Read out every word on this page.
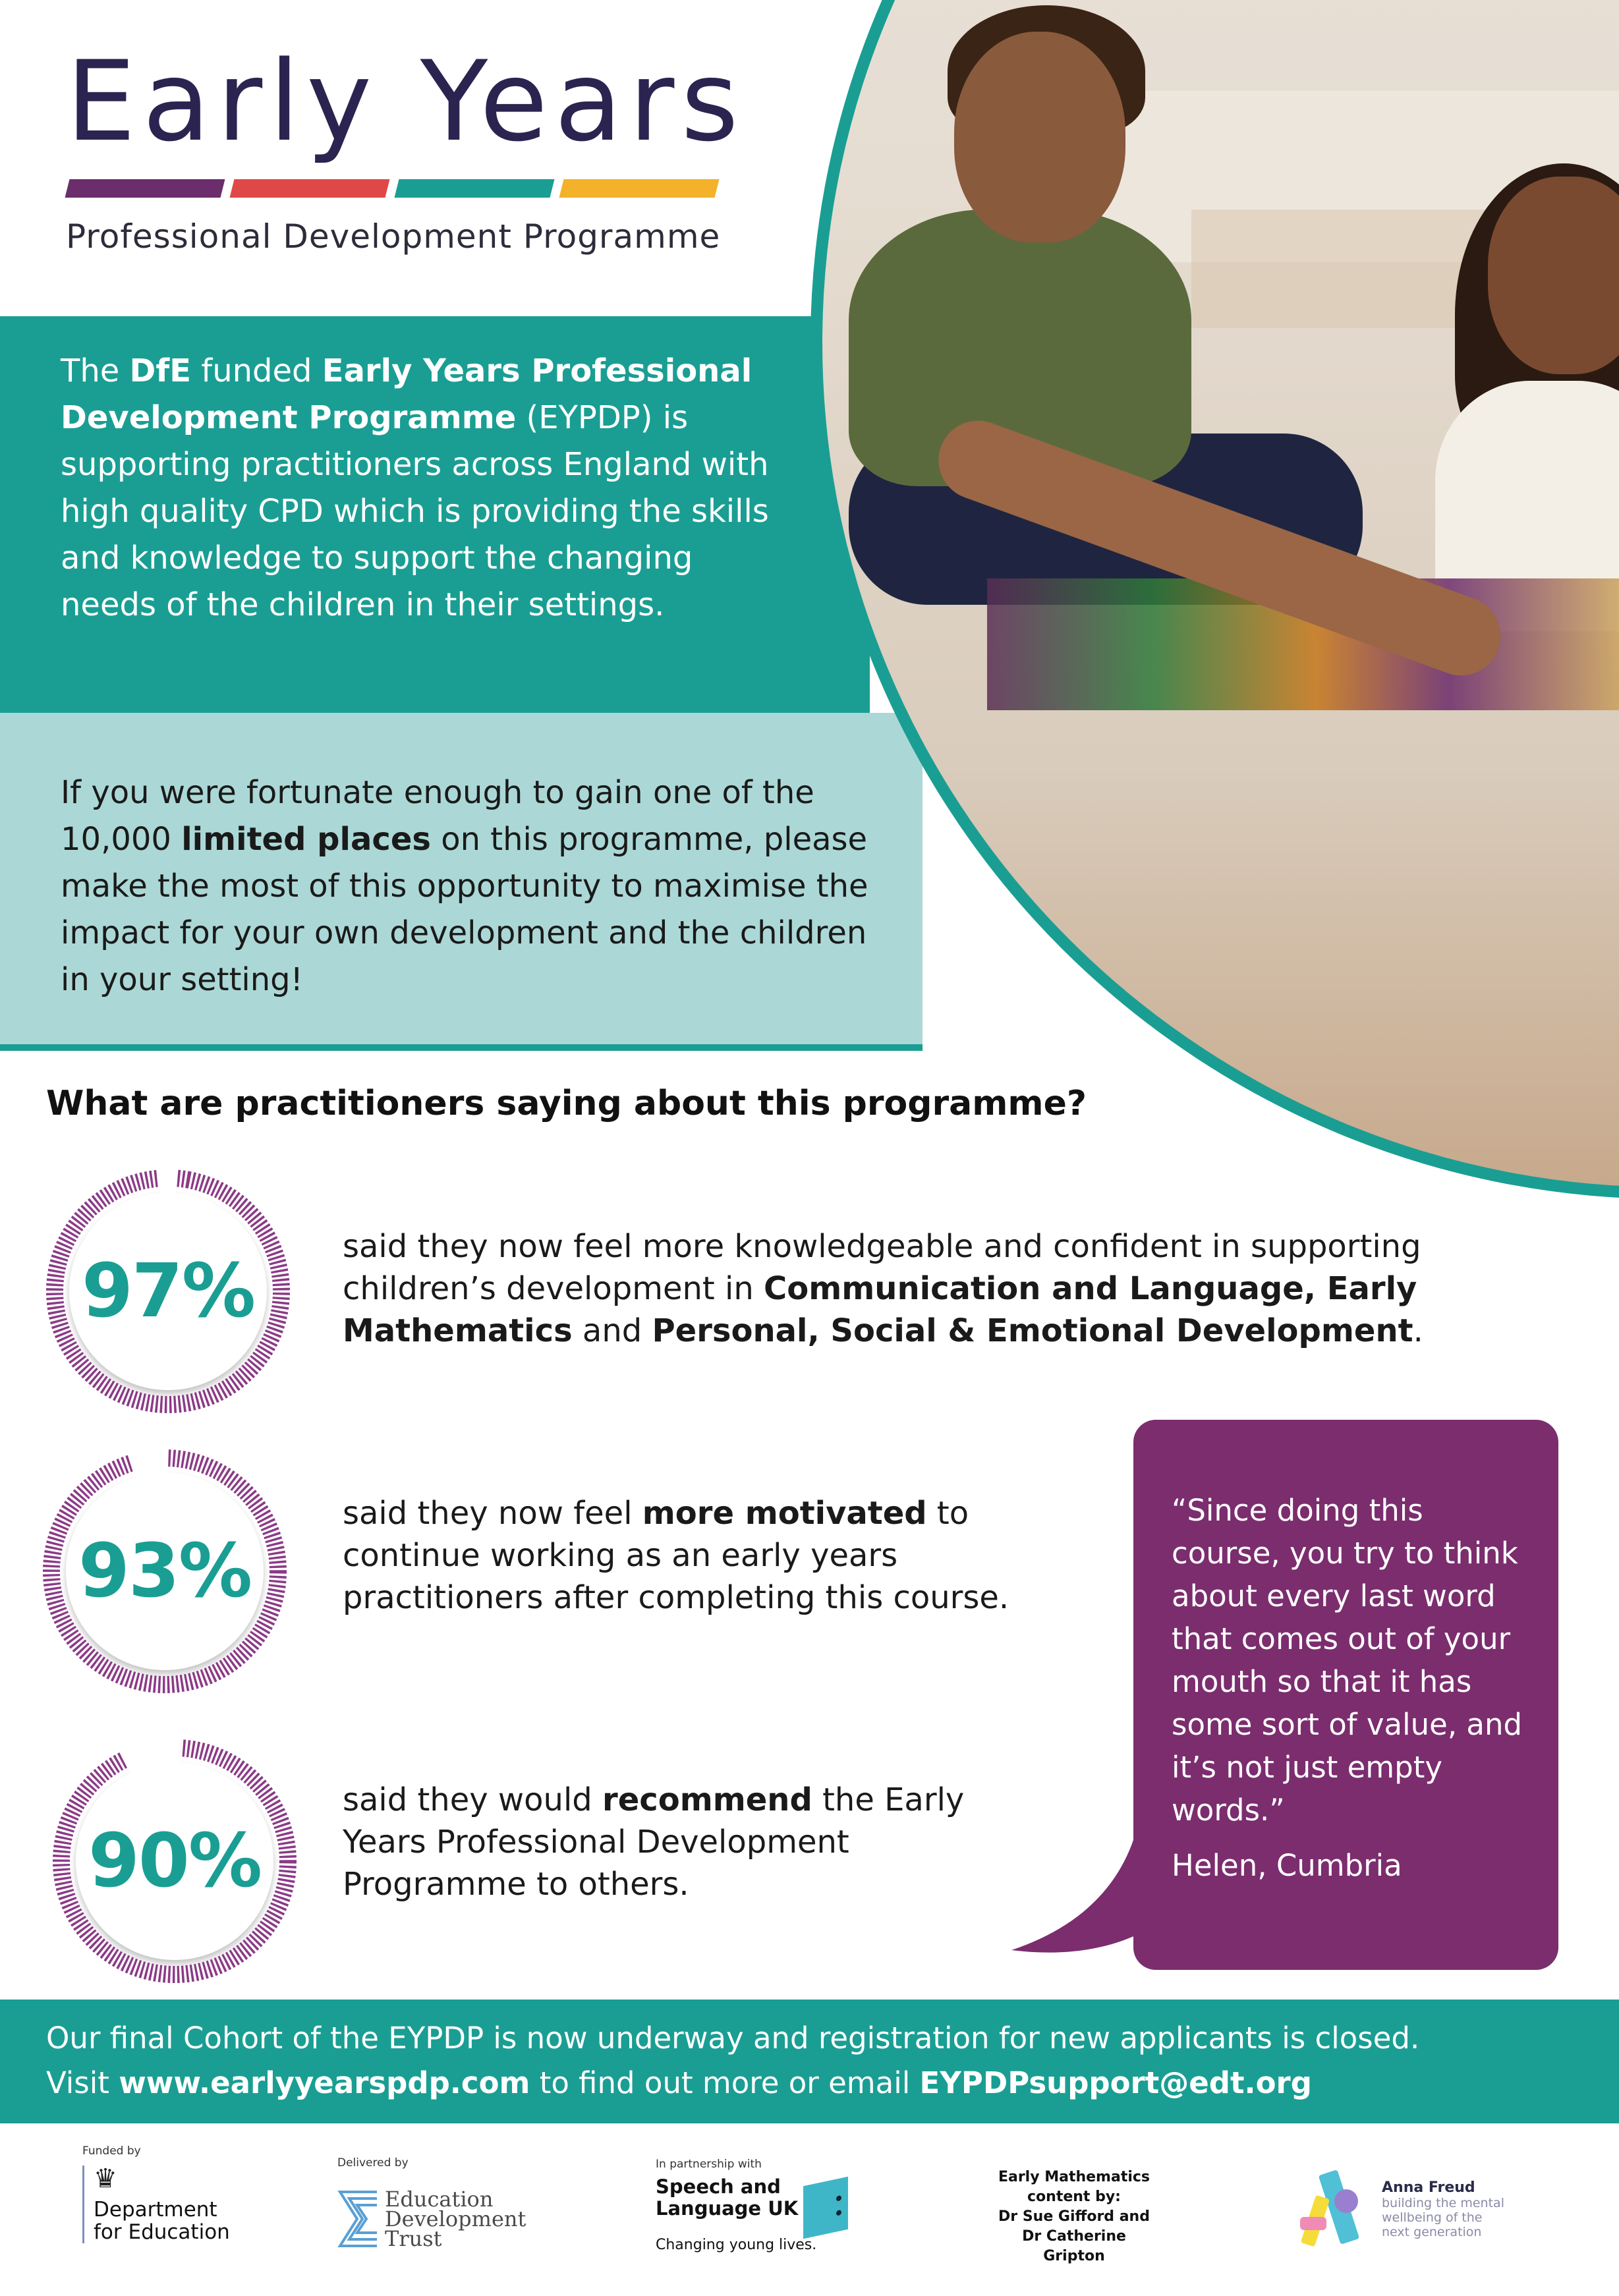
Early Years
Professional Development Programme

The DfE funded Early Years Professional Development Programme (EYPDP) is supporting practitioners across England with high quality CPD which is providing the skills and knowledge to support the changing needs of the children in their settings.

If you were fortunate enough to gain one of the 10,000 limited places on this programme, please make the most of this opportunity to maximise the impact for your own development and the children in your setting!

What are practitioners saying about this programme?
97%

said they now feel more knowledgeable and confident in supporting children’s development in Communication and Language, Early Mathematics and Personal, Social & Emotional Development.

93%

said they now feel more motivated to continue working as an early years practitioners after completing this course.

90%

said they would recommend the Early Years Professional Development Programme to others.

“Since doing this course, you try to think about every last word that comes out of your mouth so that it has some sort of value, and it’s not just empty words.”

Helen, Cumbria

Our final Cohort of the EYPDP is now underway and registration for new applicants is closed.

Visit www.earlyyearspdp.com to find out more or email EYPDPsupport@edt.org

Funded by
♛
Department
for Education
Delivered by
Education
Development
Trust
In partnership with
Speech and
Language UK
Changing young lives.
Early Mathematics
content by:
Dr Sue Gifford and
Dr Catherine Gripton
Anna Freud
building the mental
wellbeing of the
next generation
